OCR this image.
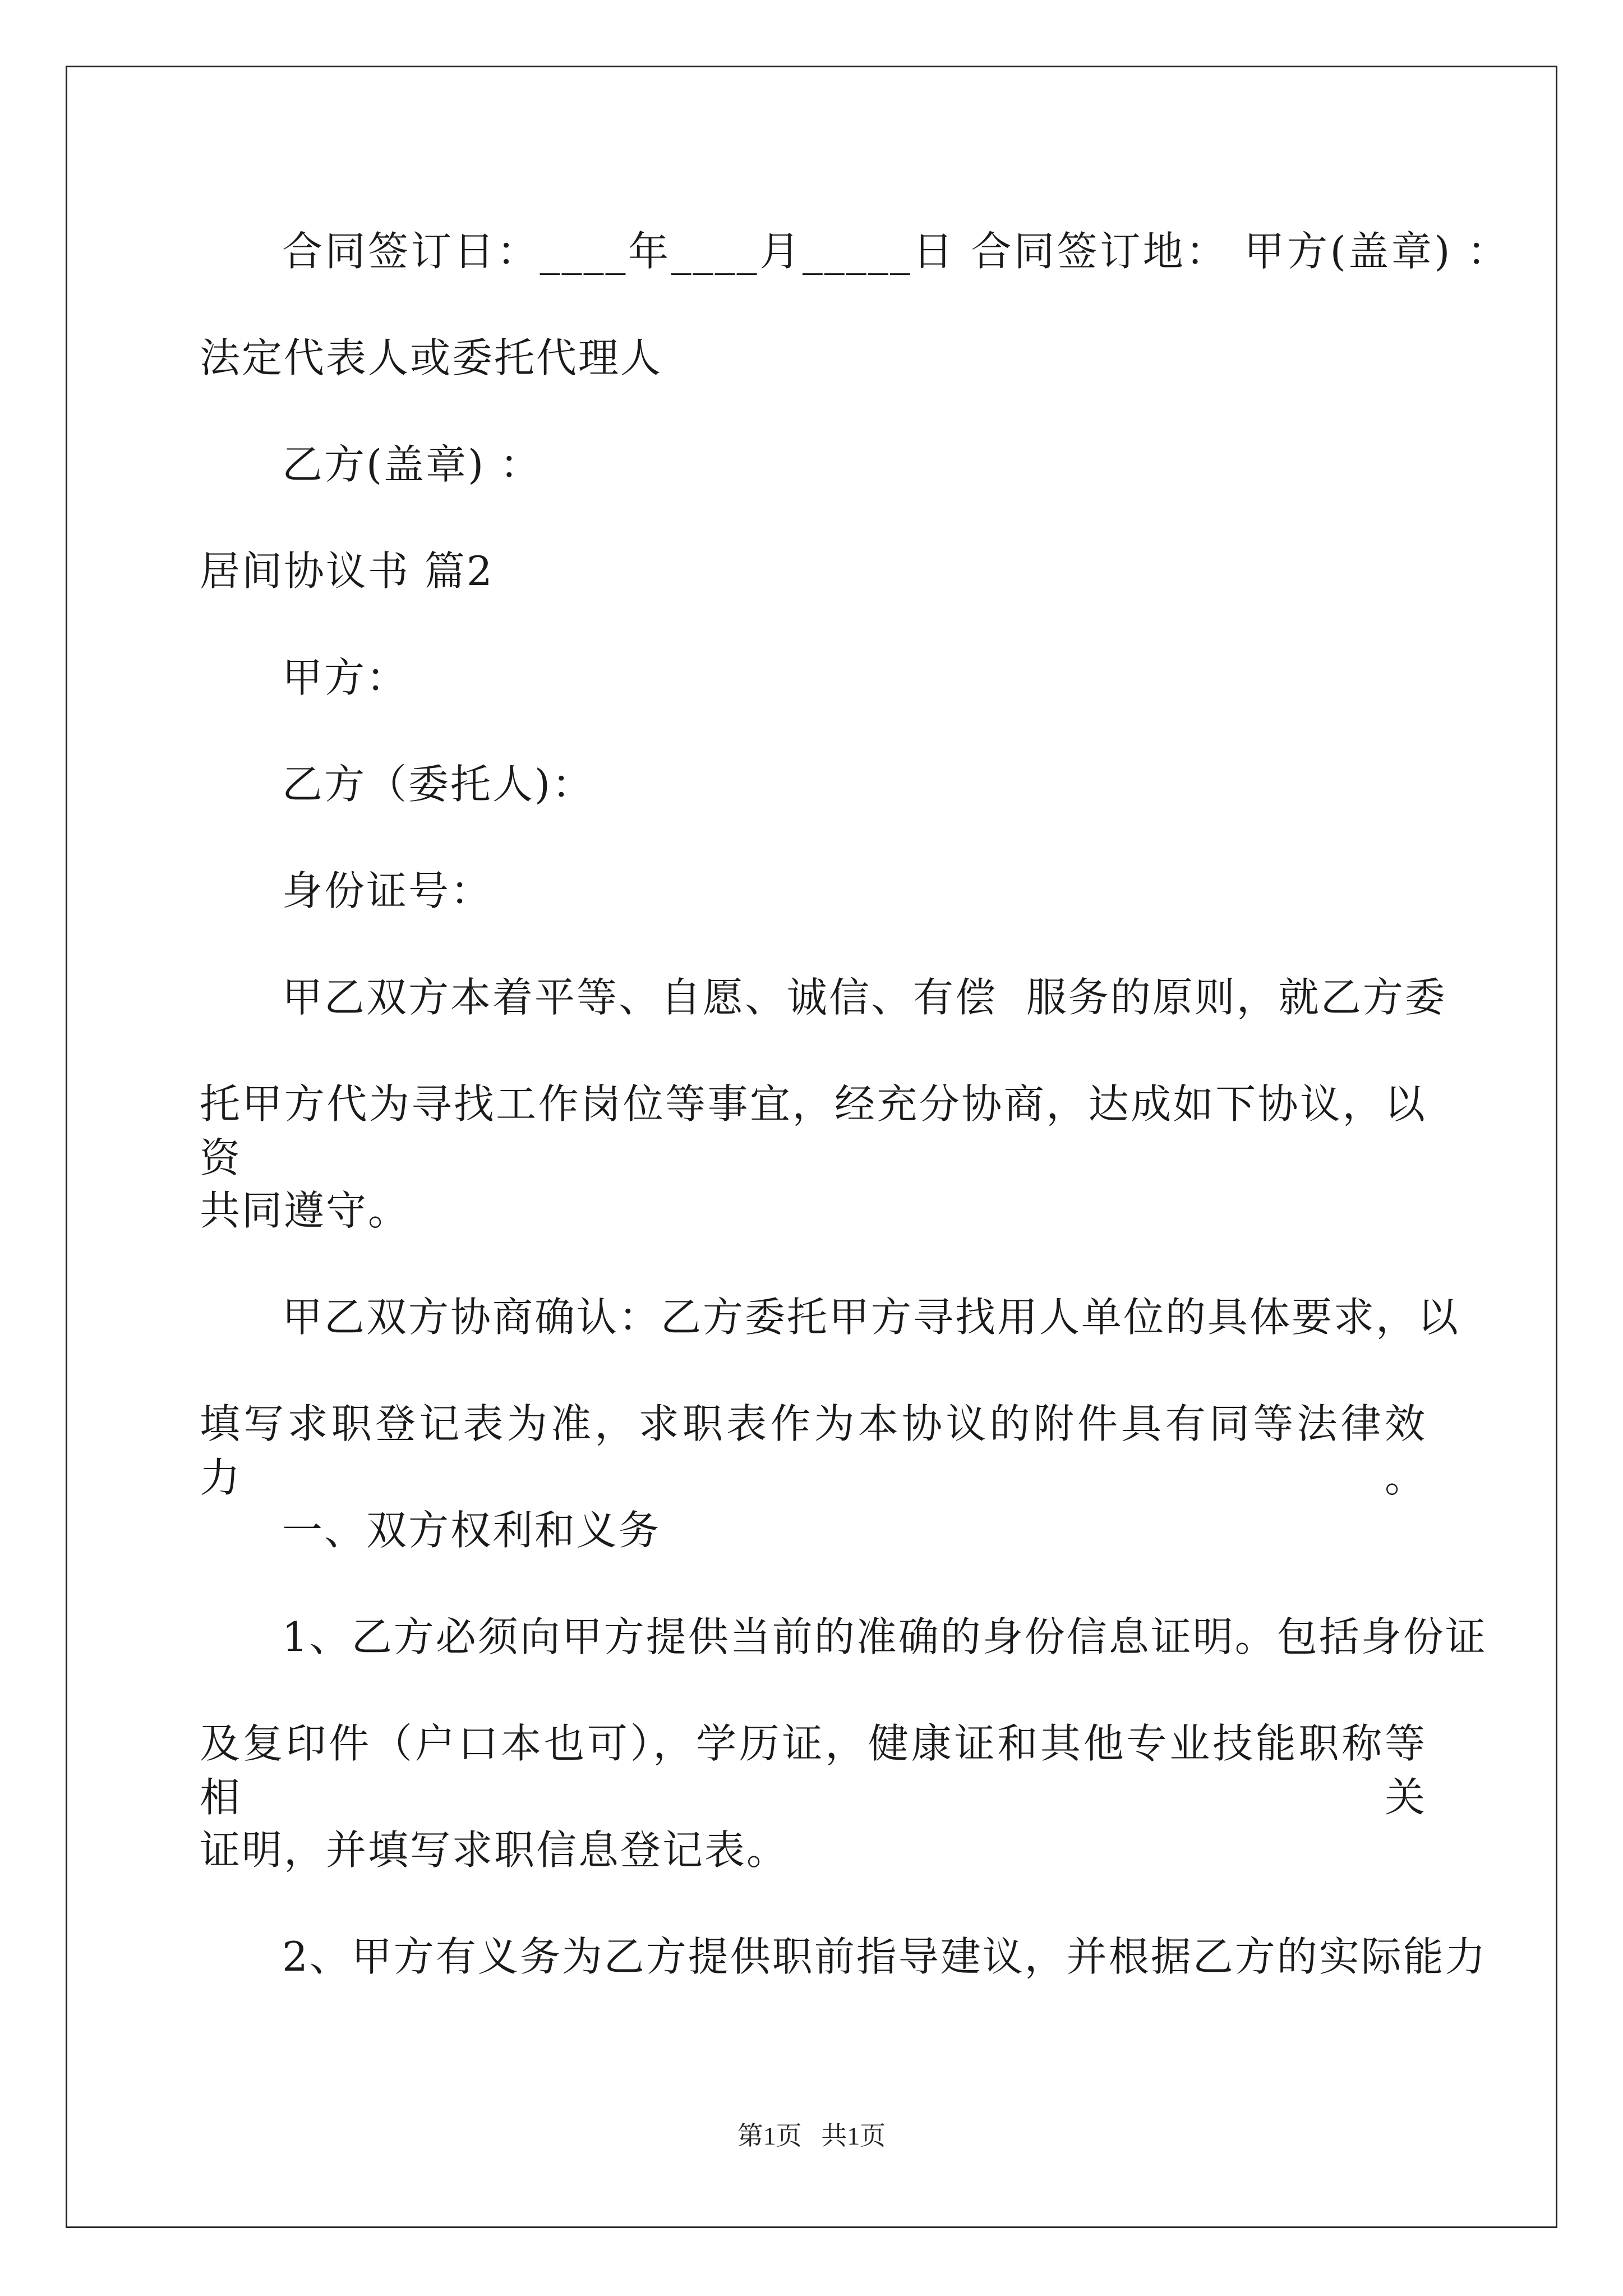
合同签订日：____年____月_____日 合同签订地： 甲方(盖章) ：
法定代表人或委托代理人
乙方(盖章) ：
居间协议书 篇2
甲方：
乙方（委托人)：
身份证号：
甲乙双方本着平等、自愿、诚信、有偿  服务的原则，就乙方委
托甲方代为寻找工作岗位等事宜，经充分协商，达成如下协议，以资
共同遵守。
甲乙双方协商确认：乙方委托甲方寻找用人单位的具体要求，以
填写求职登记表为准，求职表作为本协议的附件具有同等法律效力。
一、双方权利和义务
1、乙方必须向甲方提供当前的准确的身份信息证明。包括身份证
及复印件（户口本也可），学历证，健康证和其他专业技能职称等相关
证明，并填写求职信息登记表。
2、甲方有义务为乙方提供职前指导建议，并根据乙方的实际能力
第1页   共1页
